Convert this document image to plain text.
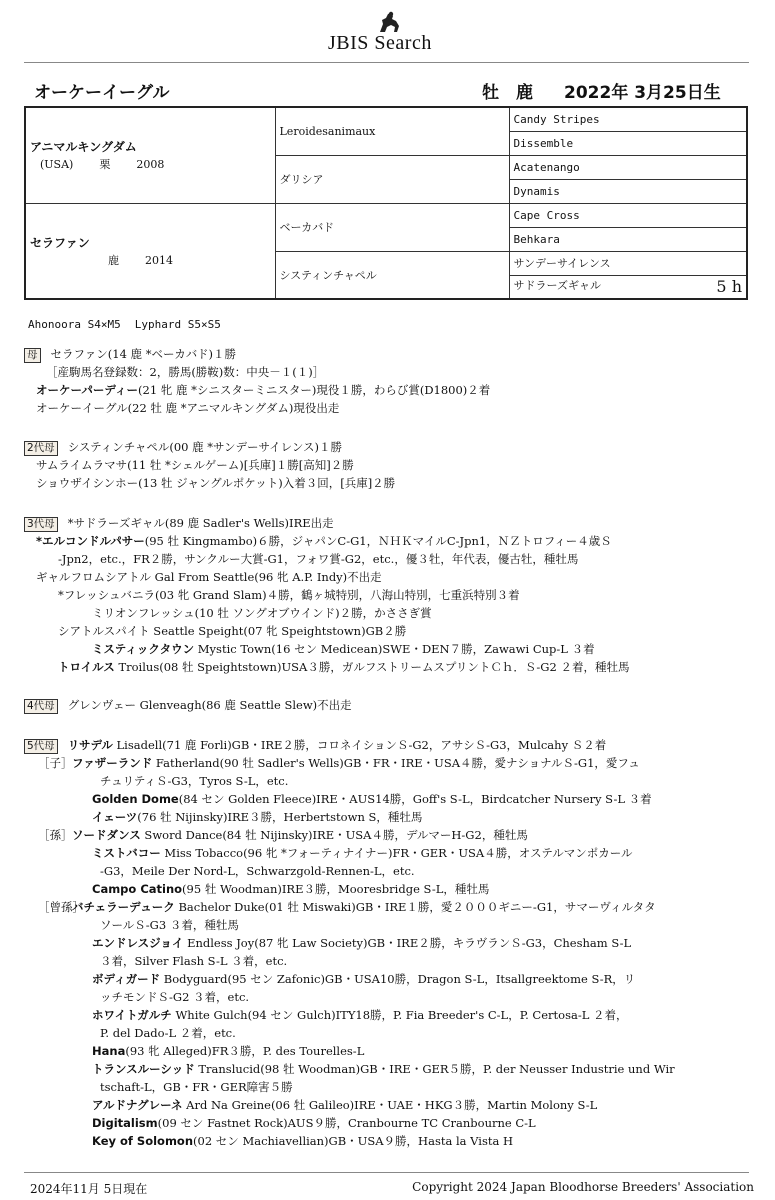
JBIS Search
オーケーイーグル	牡 鹿 2022年 3月25日生
アニマルキングダム
(USA) 栗 2008	Leroidesanimaux	Candy Stripes
		Dissemble
	ダリシア	Acatenango
		Dynamis

セラファン
鹿 2014	ベーカバド	Cape Cross
		Behkara
	システィンチャペル	サンデーサイレンス
		サドラーズギャル 5 h
Ahonoora S4×M5 Lyphard S5×S5
母 セラファン(14 鹿 *ベーカバド)１勝
［産駒馬名登録数：2，勝馬(勝鞍)数：中央－１(１)］
オーケーパーディー(21 牝 鹿 *シニスターミニスター)現役１勝，わらび賞(D1800)２着
オーケーイーグル(22 牡 鹿 *アニマルキングダム)現役出走
2代母 システィンチャペル(00 鹿 *サンデーサイレンス)１勝
サムライムラマサ(11 牡 *シェルゲーム)[兵庫]１勝[高知]２勝
ショウザイシンホー(13 牡 ジャングルポケット)入着３回，[兵庫]２勝
3代母 *サドラーズギャル(89 鹿 Sadler's Wells)IRE出走
*エルコンドルパサー(95 牡 Kingmambo)６勝，ジャパンC-G1，ＮＨＫマイルC-Jpn1，ＮＺトロフィー４歳Ｓ
-Jpn2，etc.，FR２勝，サンクルー大賞-G1，フォワ賞-G2，etc.，優３牡，年代表，優古牡，種牡馬
ギャルフロムシアトル Gal From Seattle(96 牝 A.P. Indy)不出走
*フレッシュバニラ(03 牝 Grand Slam)４勝，鶴ヶ城特別，八海山特別，七重浜特別３着
ミリオンフレッシュ(10 牡 ソングオブウインド)２勝，かささぎ賞
シアトルスパイト Seattle Speight(07 牝 Speightstown)GB２勝
ミスティックタウン Mystic Town(16 セン Medicean)SWE・DEN７勝，Zawawi Cup-L ３着
トロイルス Troilus(08 牡 Speightstown)USA３勝，ガルフストリームスプリントＣｈ．Ｓ-G2 ２着，種牡馬
4代母 グレンヴェー Glenveagh(86 鹿 Seattle Slew)不出走
5代母 リサデル Lisadell(71 鹿 Forli)GB・IRE２勝，コロネイションＳ-G2，アサシＳ-G3，Mulcahy Ｓ２着
［子］ファザーランド Fatherland(90 牡 Sadler's Wells)GB・FR・IRE・USA４勝，愛ナショナルＳ-G1，愛フュ
チュリティＳ-G3，Tyros S-L，etc.
Golden Dome(84 セン Golden Fleece)IRE・AUS14勝，Goff's S-L，Birdcatcher Nursery S-L ３着
イェーツ(76 牡 Nijinsky)IRE３勝，Herbertstown S，種牡馬
［孫］ソードダンス Sword Dance(84 牡 Nijinsky)IRE・USA４勝，デルマーH-G2，種牡馬
ミストバコー Miss Tobacco(96 牝 *フォーティナイナー)FR・GER・USA４勝，オステルマンポカール
-G3，Meile Der Nord-L，Schwarzgold-Rennen-L，etc.
Campo Catino(95 牡 Woodman)IRE３勝，Mooresbridge S-L，種牡馬
［曾孫］バチェラーデューク Bachelor Duke(01 牡 Miswaki)GB・IRE１勝，愛２０００ギニー-G1，サマーヴィルタタ
ソールＳ-G3 ３着，種牡馬
エンドレスジョイ Endless Joy(87 牝 Law Society)GB・IRE２勝，キラヴランＳ-G3，Chesham S-L
３着，Silver Flash S-L ３着，etc.
ボディガード Bodyguard(95 セン Zafonic)GB・USA10勝，Dragon S-L，Itsallgreektome S-R，リ
ッチモンドＳ-G2 ３着，etc.
ホワイトガルチ White Gulch(94 セン Gulch)ITY18勝，P. Fia Breeder's C-L，P. Certosa-L ２着，
P. del Dado-L ２着，etc.
Hana(93 牝 Alleged)FR３勝，P. des Tourelles-L
トランスルーシッド Translucid(98 牡 Woodman)GB・IRE・GER５勝，P. der Neusser Industrie und Wir
tschaft-L，GB・FR・GER障害５勝
アルドナグレーネ Ard Na Greine(06 牡 Galileo)IRE・UAE・HKG３勝，Martin Molony S-L
Digitalism(09 セン Fastnet Rock)AUS９勝，Cranbourne TC Cranbourne C-L
Key of Solomon(02 セン Machiavellian)GB・USA９勝，Hasta la Vista H
2024年11月 5日現在	Copyright 2024 Japan Bloodhorse Breeders' Association
